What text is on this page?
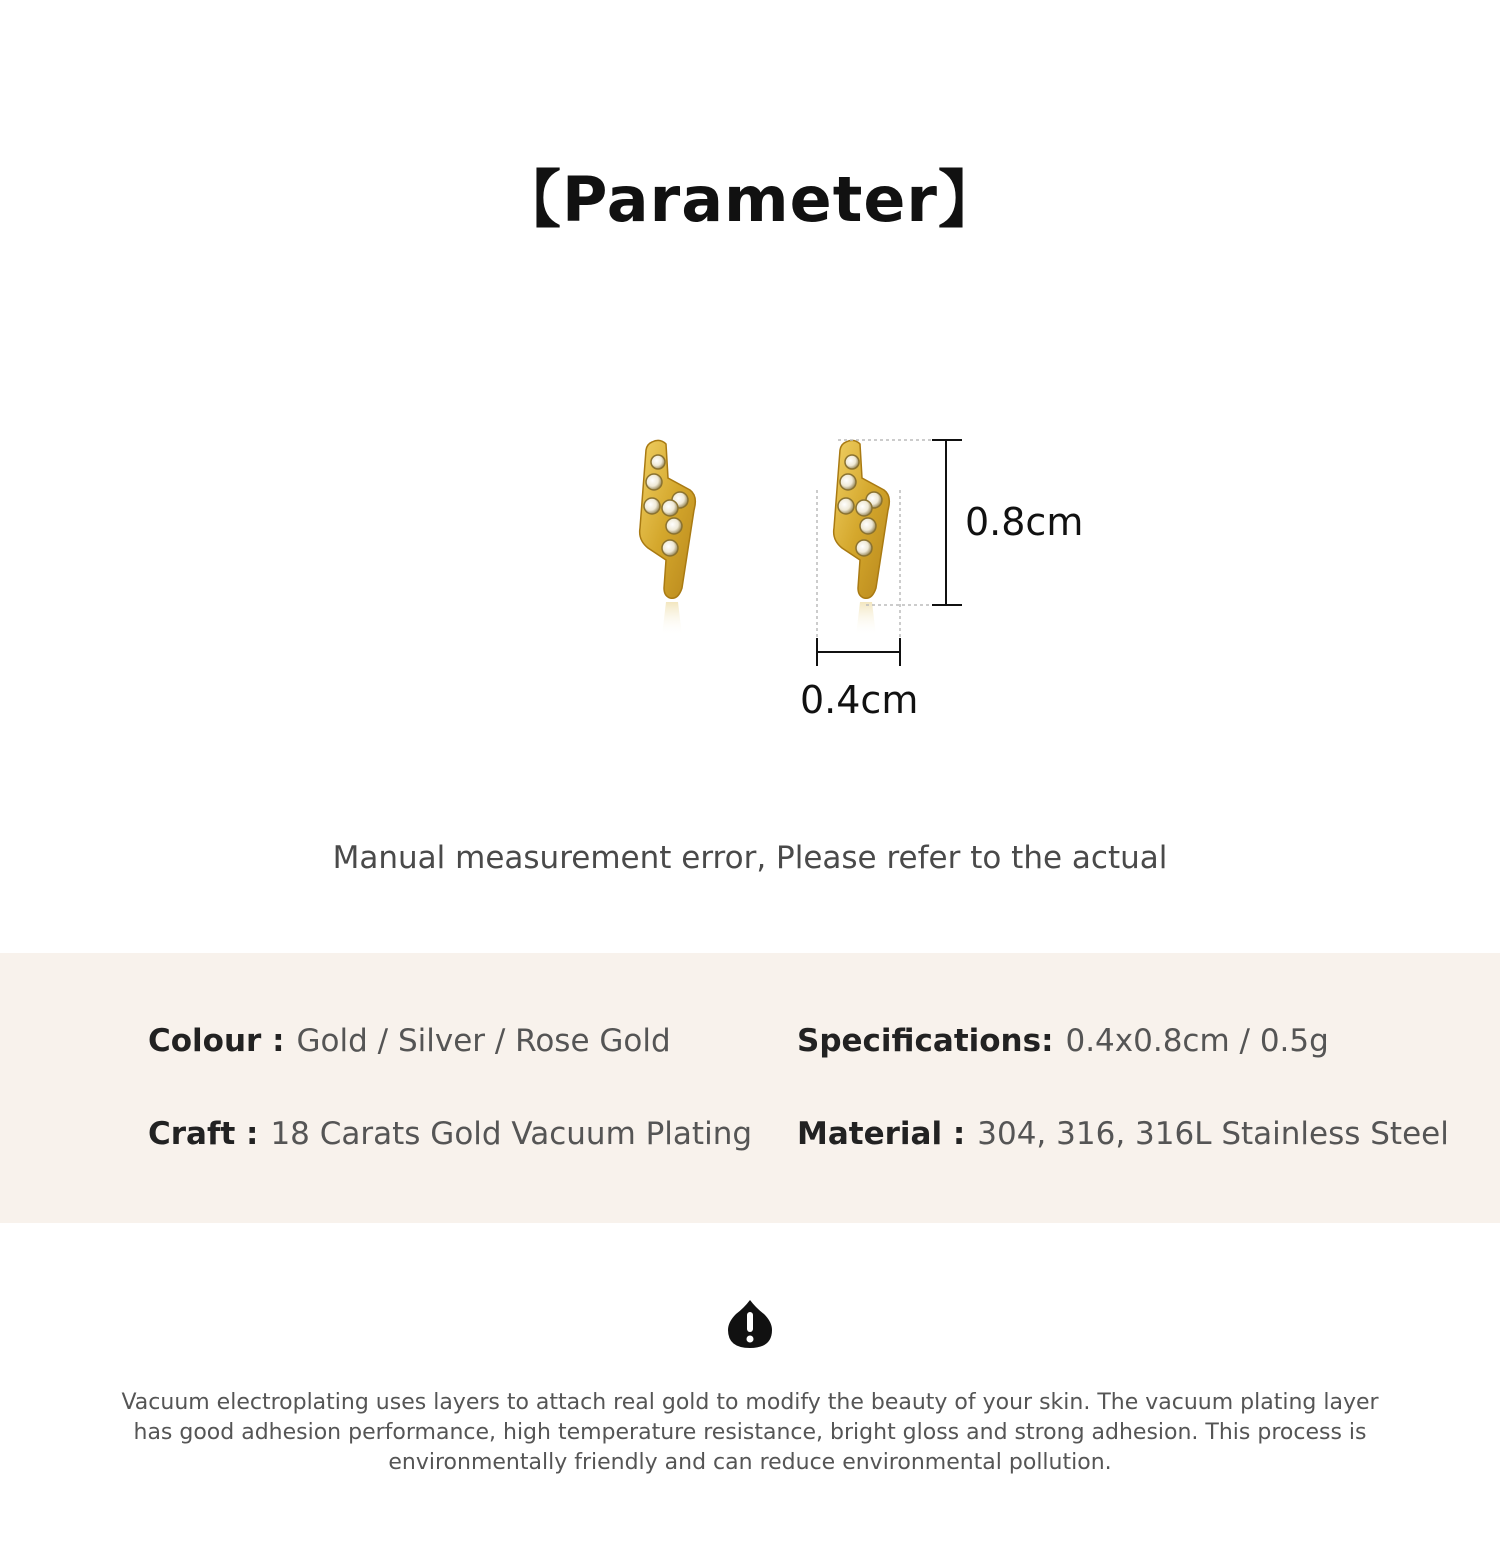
【Parameter】
0.8cm
0.4cm
Manual measurement error, Please refer to the actual
Colour : Gold / Silver / Rose Gold	Specifications: 0.4x0.8cm / 0.5g
Craft : 18 Carats Gold Vacuum Plating Material : 304, 316, 316L Stainless Steel

Vacuum electroplating uses layers to attach real gold to modify the beauty of your skin. The vacuum plating layer has good adhesion performance, high temperature resistance, bright gloss and strong adhesion. This process is environmentally friendly and can reduce environmental pollution.
